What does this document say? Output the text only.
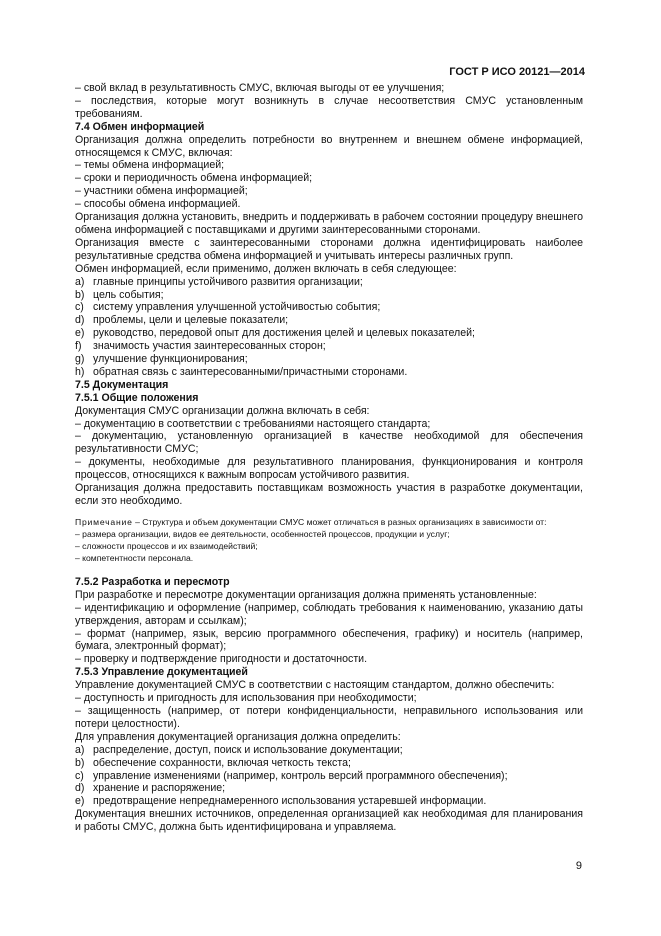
ГОСТ Р ИСО 20121—2014

– свой вклад в результативность СМУС, включая выгоды от ее улучшения;

– последствия, которые могут возникнуть в случае несоответствия СМУС установленным требованиям.

7.4 Обмен информацией

Организация должна определить потребности во внутреннем и внешнем обмене информацией, относящемся к СМУС, включая:

– темы обмена информацией;

– сроки и периодичность обмена информацией;

– участники обмена информацией;

– способы обмена информацией.

Организация должна установить, внедрить и поддерживать в рабочем состоянии процедуру внешнего обмена информацией с поставщиками и другими заинтересованными сторонами.

Организация вместе с заинтересованными сторонами должна идентифицировать наиболее результативные средства обмена информацией и учитывать интересы различных групп.

Обмен информацией, если применимо, должен включать в себя следующее:

a) главные принципы устойчивого развития организации;
b) цель события;
c) систему управления улучшенной устойчивостью события;
d) проблемы, цели и целевые показатели;
e) руководство, передовой опыт для достижения целей и целевых показателей;
f)	значимость участия заинтересованных сторон;
g) улучшение функционирования;
h) обратная связь с заинтересованными/причастными сторонами.

7.5 Документация

7.5.1 Общие положения

Документация СМУС организации должна включать в себя:

– документацию в соответствии с требованиями настоящего стандарта;

– документацию, установленную организацией в качестве необходимой для обеспечения результативности СМУС;

– документы, необходимые для результативного планирования, функционирования и контроля процессов, относящихся к важным вопросам устойчивого развития.

Организация должна предоставить поставщикам возможность участия в разработке документации, если это необходимо.

Примечание – Структура и объем документации СМУС может отличаться в разных организациях в зависимости от:

– размера организации, видов ее деятельности, особенностей процессов, продукции и услуг;

– сложности процессов и их взаимодействий;

– компетентности персонала.

7.5.2 Разработка и пересмотр

При разработке и пересмотре документации организация должна применять установленные:

– идентификацию и оформление (например, соблюдать требования к наименованию, указанию даты утверждения, авторам и ссылкам);

– формат (например, язык, версию программного обеспечения, графику) и носитель (например, бумага, электронный формат);

– проверку и подтверждение пригодности и достаточности.

7.5.3 Управление документацией

Управление документацией СМУС в соответствии с настоящим стандартом, должно обеспечить:

– доступность и пригодность для использования при необходимости;

– защищенность (например, от потери конфиденциальности, неправильного использования или потери целостности).

Для управления документацией организация должна определить:

a) распределение, доступ, поиск и использование документации;
b) обеспечение сохранности, включая четкость текста;
c) управление изменениями (например, контроль версий программного обеспечения);
d) хранение и распоряжение;
e) предотвращение непреднамеренного использования устаревшей информации.

Документация внешних источников, определенная организацией как необходимая для планирования и работы СМУС, должна быть идентифицирована и управляема.

9
